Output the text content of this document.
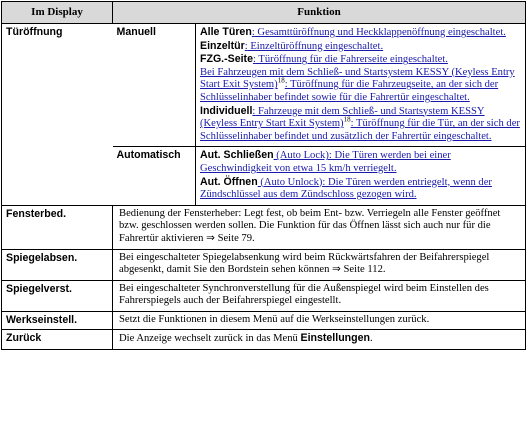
Im Display	Funktion	
Türöffnung	Manuell	Alle Türen: Gesamttüröffnung und Heckklappenöffnung eingeschaltet.
Einzeltür: Einzeltüröffnung eingeschaltet.
FZG.-Seite: Türöffnung für die Fahrerseite eingeschaltet.
Bei Fahrzeugen mit dem Schließ- und Startsystem KESSY (Keyless Entry Start Exit System)$^{18}$: Türöffnung für die Fahrzeugseite, an der sich der Schlüsselinhaber befindet sowie für die Fahrertür eingeschaltet.
Individuell: Fahrzeuge mit dem Schließ- und Startsystem KESSY (Keyless Entry Start Exit System)$^{18}$: Türöffnung für die Tür, an der sich der Schlüsselinhaber befindet und zusätzlich der Fahrertür eingeschaltet.

	Automatisch	Aut. Schließen (Auto Lock): Die Türen werden bei einer Geschwindigkeit von etwa 15 km/h verriegelt.
Aut. Öffnen (Auto Unlock): Die Türen werden entriegelt, wenn der Zündschlüssel aus dem Zündschloss gezogen wird.

Fensterbed.	Bedienung der Fensterheber: Legt fest, ob beim Ent- bzw. Verriegeln alle Fenster geöffnet bzw. geschlossen werden sollen. Die Funktion für das Öffnen lässt sich auch nur für die Fahrertür aktivieren ⇒ Seite 79.	
Spiegelabsen.	Bei eingeschalteter Spiegelabsenkung wird beim Rückwärtsfahren der Beifahrerspiegel abgesenkt, damit Sie den Bordstein sehen können ⇒ Seite 112.	
Spiegelverst.	Bei eingeschalteter Synchronverstellung für die Außenspiegel wird beim Einstellen des Fahrerspiegels auch der Beifahrerspiegel eingestellt.	
Werkseinstell.	Setzt die Funktionen in diesem Menü auf die Werkseinstellungen zurück.	
Zurück	Die Anzeige wechselt zurück in das Menü Einstellungen.	
